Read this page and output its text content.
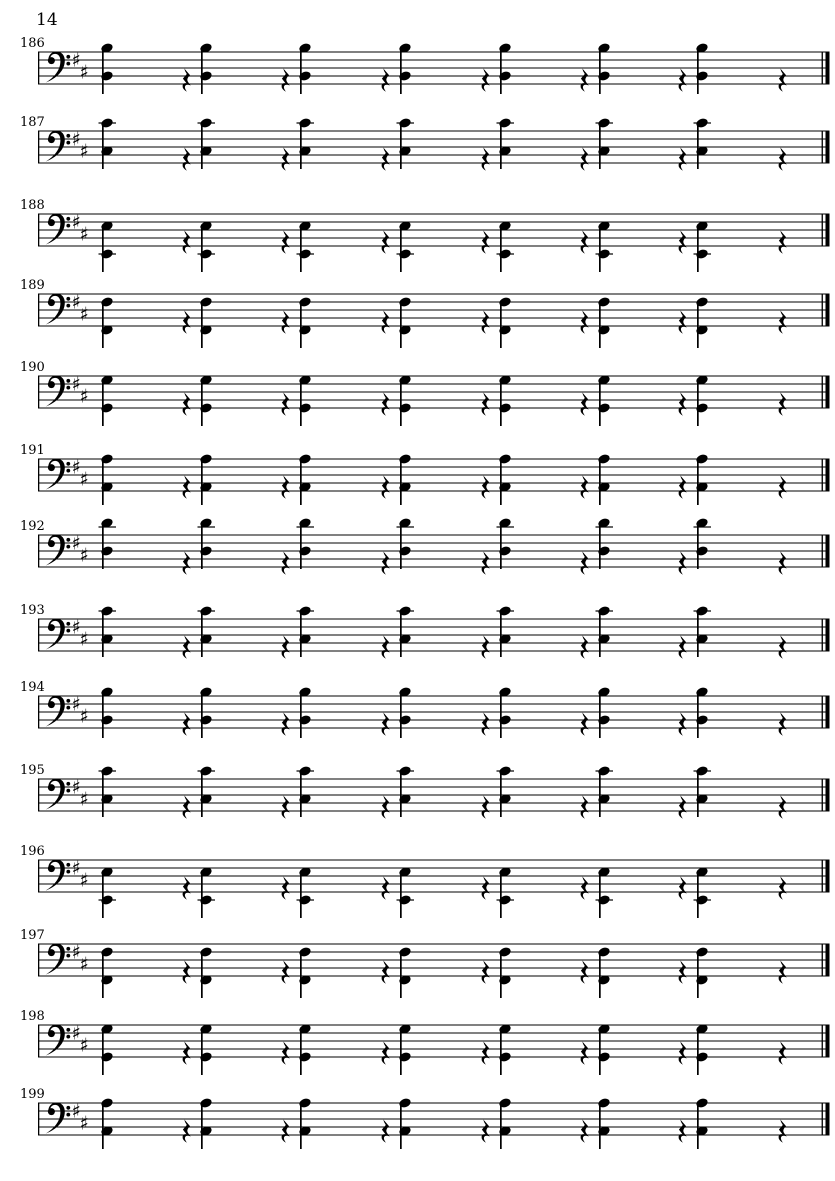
14
186
♯
♯
187
♯
♯
188
♯
♯
189
♯
♯
190
♯
♯
191
♯
♯
192
♯
♯
193
♯
♯
194
♯
♯
195
♯
♯
196
♯
♯
197
♯
♯
198
♯
♯
199
♯
♯
